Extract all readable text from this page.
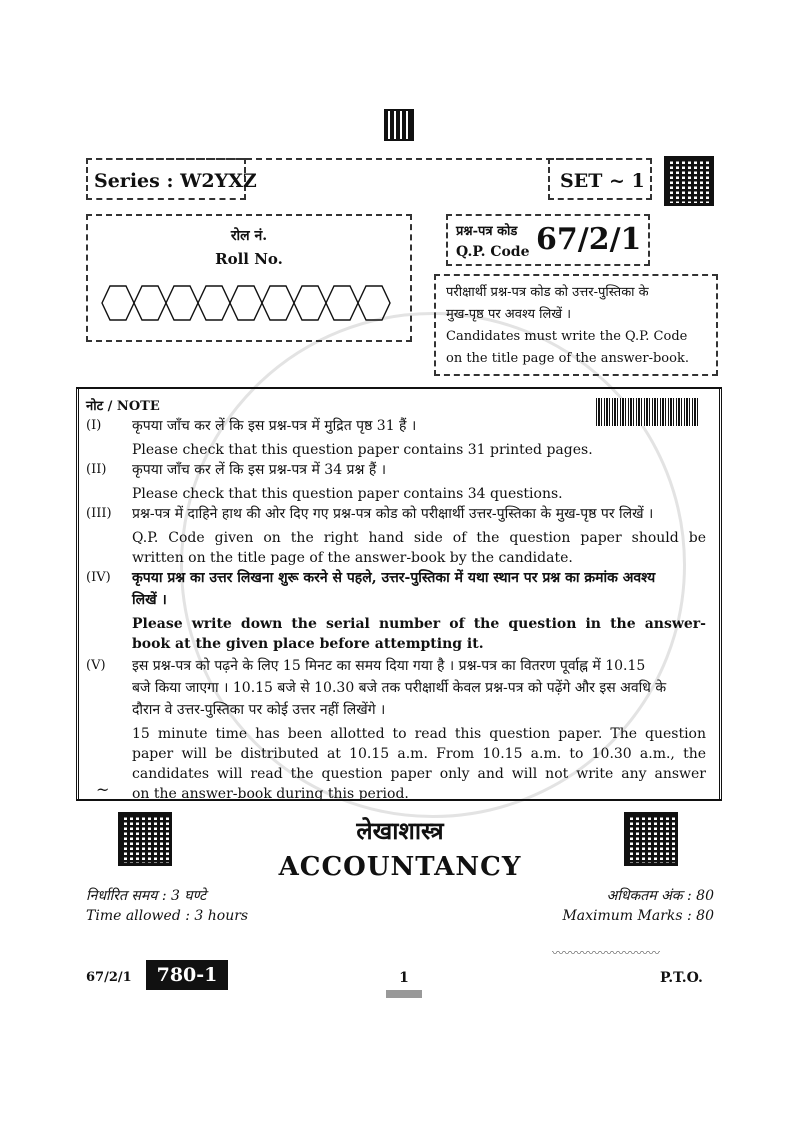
Series : W2YXZ	SET ~ 1
रोल नं.
Roll No.
प्रश्न-पत्र कोड
Q.P. Code 67/2/1
परीक्षार्थी प्रश्न-पत्र कोड को उत्तर-पुस्तिका के
मुख-पृष्ठ पर अवश्य लिखें ।
Candidates must write the Q.P. Code
on the title page of the answer-book.
नोट / NOTE
(I) कृपया जाँच कर लें कि इस प्रश्न-पत्र में मुद्रित पृष्ठ 31 हैं ।
Please check that this question paper contains 31 printed pages.
(II) कृपया जाँच कर लें कि इस प्रश्न-पत्र में 34 प्रश्न हैं ।
Please check that this question paper contains 34 questions.
(III) प्रश्न-पत्र में दाहिने हाथ की ओर दिए गए प्रश्न-पत्र कोड को परीक्षार्थी उत्तर-पुस्तिका के मुख-पृष्ठ पर लिखें ।
Q.P. Code given on the right hand side of the question paper should be
written on the title page of the answer-book by the candidate.
(IV) कृपया प्रश्न का उत्तर लिखना शुरू करने से पहले, उत्तर-पुस्तिका में यथा स्थान पर प्रश्न का क्रमांक अवश्य
लिखें ।
Please write down the serial number of the question in the answer-
book at the given place before attempting it.
(V) इस प्रश्न-पत्र को पढ़ने के लिए 15 मिनट का समय दिया गया है । प्रश्न-पत्र का वितरण पूर्वाह्न में 10.15
बजे किया जाएगा । 10.15 बजे से 10.30 बजे तक परीक्षार्थी केवल प्रश्न-पत्र को पढ़ेंगे और इस अवधि के
दौरान वे उत्तर-पुस्तिका पर कोई उत्तर नहीं लिखेंगे ।
15 minute time has been allotted to read this question paper. The question
paper will be distributed at 10.15 a.m. From 10.15 a.m. to 10.30 a.m., the
candidates will read the question paper only and will not write any answer
on the answer-book during this period.
~
लेखाशास्त्र
ACCOUNTANCY
निर्धारित समय : 3 घण्टे
Time allowed : 3 hours
अधिकतम अंक : 80
Maximum Marks : 80
〰〰〰〰〰〰〰〰〰
67/2/1	780-1	1	P.T.O.
